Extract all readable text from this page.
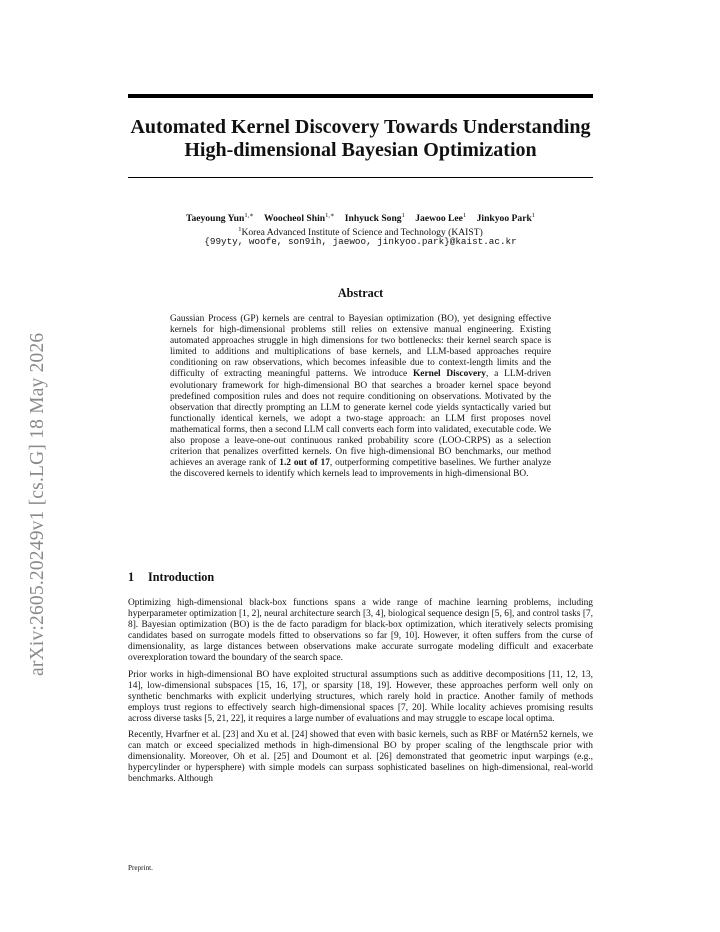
arXiv:2605.20249v1 [cs.LG] 18 May 2026
Automated Kernel Discovery Towards Understanding
High-dimensional Bayesian Optimization
Taeyoung Yun$^{1,∗}$ Woocheol Shin$^{1,∗}$ Inhyuck Song$^1$ Jaewoo Lee$^1$ Jinkyoo Park$^1$
$^1$Korea Advanced Institute of Science and Technology (KAIST)
{99yty, woofe, son9ih, jaewoo, jinkyoo.park}@kaist.ac.kr
Abstract

Gaussian Process (GP) kernels are central to Bayesian optimization (BO), yet designing effective kernels for high-dimensional problems still relies on extensive manual engineering. Existing automated approaches struggle in high dimensions for two bottlenecks: their kernel search space is limited to additions and multiplications of base kernels, and LLM-based approaches require conditioning on raw observations, which becomes infeasible due to context-length limits and the difficulty of extracting meaningful patterns. We introduce Kernel Discovery, a LLM-driven evolutionary framework for high-dimensional BO that searches a broader kernel space beyond predefined composition rules and does not require conditioning on observations. Motivated by the observation that directly prompting an LLM to generate kernel code yields syntactically varied but functionally identical kernels, we adopt a two-stage approach: an LLM first proposes novel mathematical forms, then a second LLM call converts each form into validated, executable code. We also propose a leave-one-out continuous ranked probability score (LOO-CRPS) as a selection criterion that penalizes overfitted kernels. On five high-dimensional BO benchmarks, our method achieves an average rank of 1.2 out of 17, outperforming competitive baselines. We further analyze the discovered kernels to identify which kernels lead to improvements in high-dimensional BO.

1 Introduction

Optimizing high-dimensional black-box functions spans a wide range of machine learning problems, including hyperparameter optimization [1, 2], neural architecture search [3, 4], biological sequence design [5, 6], and control tasks [7, 8]. Bayesian optimization (BO) is the de facto paradigm for black-box optimization, which iteratively selects promising candidates based on surrogate models fitted to observations so far [9, 10]. However, it often suffers from the curse of dimensionality, as large distances between observations make accurate surrogate modeling difficult and exacerbate overexploration toward the boundary of the search space.

Prior works in high-dimensional BO have exploited structural assumptions such as additive decompositions [11, 12, 13, 14], low-dimensional subspaces [15, 16, 17], or sparsity [18, 19]. However, these approaches perform well only on synthetic benchmarks with explicit underlying structures, which rarely hold in practice. Another family of methods employs trust regions to effectively search high-dimensional spaces [7, 20]. While locality achieves promising results across diverse tasks [5, 21, 22], it requires a large number of evaluations and may struggle to escape local optima.

Recently, Hvarfner et al. [23] and Xu et al. [24] showed that even with basic kernels, such as RBF or Matérn52 kernels, we can match or exceed specialized methods in high-dimensional BO by proper scaling of the lengthscale prior with dimensionality. Moreover, Oh et al. [25] and Doumont et al. [26] demonstrated that geometric input warpings (e.g., hypercylinder or hypersphere) with simple models can surpass sophisticated baselines on high-dimensional, real-world benchmarks. Although

Preprint.
